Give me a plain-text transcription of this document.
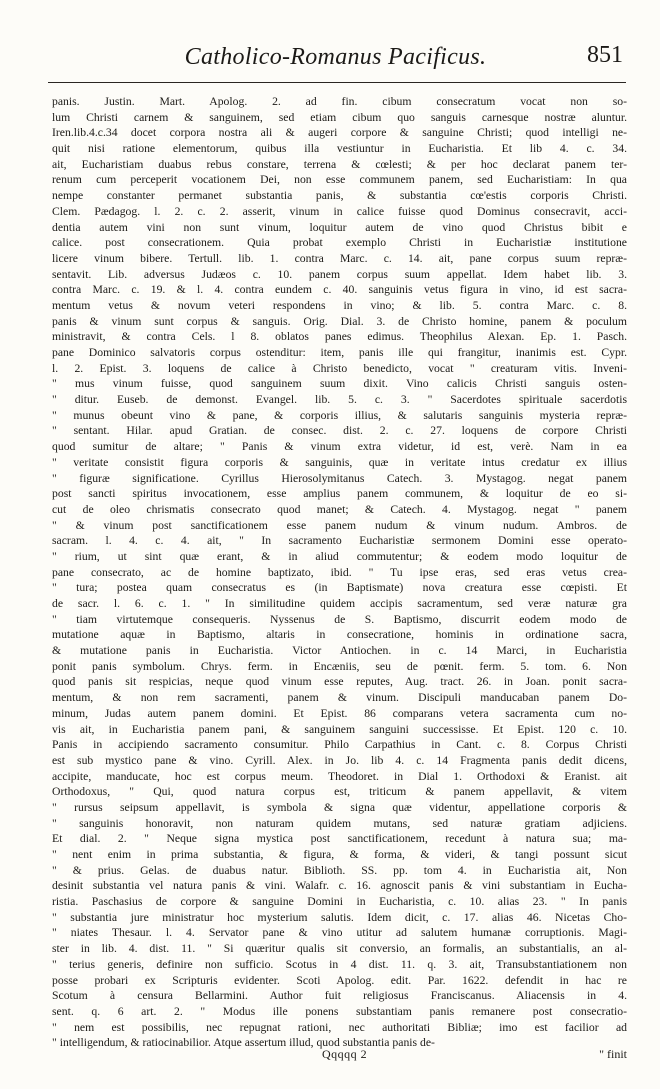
Catholico-Romanus Pacificus.	851
panis. Justin. Mart. Apolog. 2. ad fin. cibum consecratum vocat non so-
lum Christi carnem & sanguinem, sed etiam cibum quo sanguis carnesque nostræ aluntur.
Iren.lib.4.c.34 docet corpora nostra ali & augeri corpore & sanguine Christi; quod intelligi ne-
quit nisi ratione elementorum, quibus illa vestiuntur in Eucharistia. Et lib 4. c. 34.
ait, Eucharistiam duabus rebus constare, terrena & cœlesti; & per hoc declarat panem ter-
renum cum perceperit vocationem Dei, non esse communem panem, sed Eucharistiam: In qua
nempe constanter permanet substantia panis, & substantia cœ'estis corporis Christi.
Clem. Pædagog. l. 2. c. 2. asserit, vinum in calice fuisse quod Dominus consecravit, acci-
dentia autem vini non sunt vinum, loquitur autem de vino quod Christus bibit e
calice. post consecrationem. Quia probat exemplo Christi in Eucharistiæ institutione
licere vinum bibere. Tertull. lib. 1. contra Marc. c. 14. ait, pane corpus suum repræ-
sentavit. Lib. adversus Judæos c. 10. panem corpus suum appellat. Idem habet lib. 3.
contra Marc. c. 19. & l. 4. contra eundem c. 40. sanguinis vetus figura in vino, id est sacra-
mentum vetus & novum veteri respondens in vino; & lib. 5. contra Marc. c. 8.
panis & vinum sunt corpus & sanguis. Orig. Dial. 3. de Christo homine, panem & poculum
ministravit, & contra Cels. l 8. oblatos panes edimus. Theophilus Alexan. Ep. 1. Pasch.
pane Dominico salvatoris corpus ostenditur: item, panis ille qui frangitur, inanimis est. Cypr.
l. 2. Epist. 3. loquens de calice à Christo benedicto, vocat " creaturam vitis. Inveni-
" mus vinum fuisse, quod sanguinem suum dixit. Vino calicis Christi sanguis osten-
" ditur. Euseb. de demonst. Evangel. lib. 5. c. 3. " Sacerdotes spirituale sacerdotis
" munus obeunt vino & pane, & corporis illius, & salutaris sanguinis mysteria repræ-
" sentant. Hilar. apud Gratian. de consec. dist. 2. c. 27. loquens de corpore Christi
quod sumitur de altare; " Panis & vinum extra videtur, id est, verè. Nam in ea
" veritate consistit figura corporis & sanguinis, quæ in veritate intus credatur ex illius
" figuræ significatione. Cyrillus Hierosolymitanus Catech. 3. Mystagog. negat panem
post sancti spiritus invocationem, esse amplius panem communem, & loquitur de eo si-
cut de oleo chrismatis consecrato quod manet; & Catech. 4. Mystagog. negat " panem
" & vinum post sanctificationem esse panem nudum & vinum nudum. Ambros. de
sacram. l. 4. c. 4. ait, " In sacramento Eucharistiæ sermonem Domini esse operato-
" rium, ut sint quæ erant, & in aliud commutentur; & eodem modo loquitur de
pane consecrato, ac de homine baptizato, ibid. " Tu ipse eras, sed eras vetus crea-
" tura; postea quam consecratus es (in Baptismate) nova creatura esse cœpisti. Et
de sacr. l. 6. c. 1. " In similitudine quidem accipis sacramentum, sed veræ naturæ gra
" tiam virtutemque consequeris. Nyssenus de S. Baptismo, discurrit eodem modo de
mutatione aquæ in Baptismo, altaris in consecratione, hominis in ordinatione sacra,
& mutatione panis in Eucharistia. Victor Antiochen. in c. 14 Marci, in Eucharistia
ponit panis symbolum. Chrys. ferm. in Encæniis, seu de pœnit. ferm. 5. tom. 6. Non
quod panis sit respicias, neque quod vinum esse reputes, Aug. tract. 26. in Joan. ponit sacra-
mentum, & non rem sacramenti, panem & vinum. Discipuli manducaban panem Do-
minum, Judas autem panem domini. Et Epist. 86 comparans vetera sacramenta cum no-
vis ait, in Eucharistia panem pani, & sanguinem sanguini successisse. Et Epist. 120 c. 10.
Panis in accipiendo sacramento consumitur. Philo Carpathius in Cant. c. 8. Corpus Christi
est sub mystico pane & vino. Cyrill. Alex. in Jo. lib 4. c. 14 Fragmenta panis dedit dicens,
accipite, manducate, hoc est corpus meum. Theodoret. in Dial 1. Orthodoxi & Eranist. ait
Orthodoxus, " Qui, quod natura corpus est, triticum & panem appellavit, & vitem
" rursus seipsum appellavit, is symbola & signa quæ videntur, appellatione corporis &
" sanguinis honoravit, non naturam quidem mutans, sed naturæ gratiam adjiciens.
Et dial. 2. " Neque signa mystica post sanctificationem, recedunt à natura sua; ma-
" nent enim in prima substantia, & figura, & forma, & videri, & tangi possunt sicut
" & prius. Gelas. de duabus natur. Biblioth. SS. pp. tom 4. in Eucharistia ait, Non
desinit substantia vel natura panis & vini. Walafr. c. 16. agnoscit panis & vini substantiam in Eucha-
ristia. Paschasius de corpore & sanguine Domini in Eucharistia, c. 10. alias 23. " In panis
" substantia jure ministratur hoc mysterium salutis. Idem dicit, c. 17. alias 46. Nicetas Cho-
" niates Thesaur. l. 4. Servator pane & vino utitur ad salutem humanæ corruptionis. Magi-
ster in lib. 4. dist. 11. " Si quæritur qualis sit conversio, an formalis, an substantialis, an al-
" terius generis, definire non sufficio. Scotus in 4 dist. 11. q. 3. ait, Transubstantiationem non
posse probari ex Scripturis evidenter. Scoti Apolog. edit. Par. 1622. defendit in hac re
Scotum à censura Bellarmini. Author fuit religiosus Franciscanus. Aliacensis in 4.
sent. q. 6 art. 2. " Modus ille ponens substantiam panis remanere post consecratio-
" nem est possibilis, nec repugnat rationi, nec authoritati Bibliæ; imo est facilior ad
" intelligendum, & ratiocinabilior. Atque assertum illud, quod substantia panis de-
Qqqqq 2	" finit
